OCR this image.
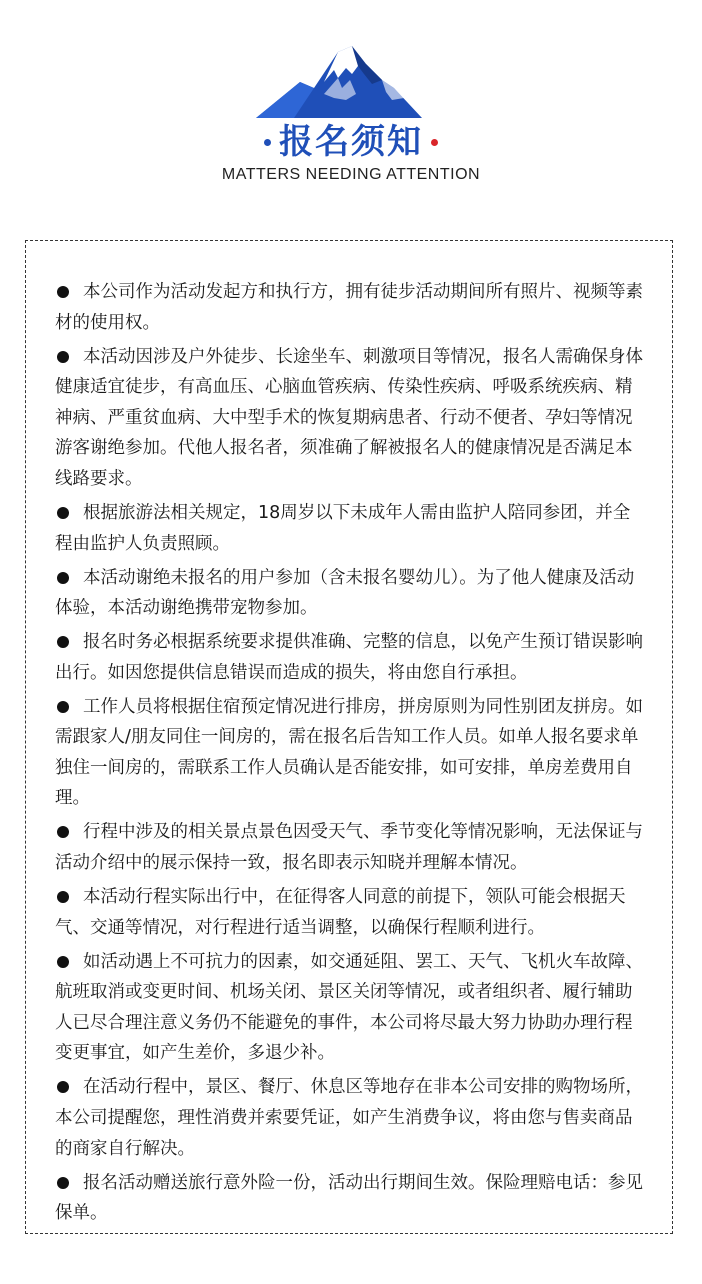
报名须知
MATTERS NEEDING ATTENTION
本公司作为活动发起方和执行方，拥有徒步活动期间所有照片、视频等素材的使用权。
本活动因涉及户外徒步、长途坐车、刺激项目等情况，报名人需确保身体健康适宜徒步，有高血压、心脑血管疾病、传染性疾病、呼吸系统疾病、精神病、严重贫血病、大中型手术的恢复期病患者、行动不便者、孕妇等情况游客谢绝参加。代他人报名者，须准确了解被报名人的健康情况是否满足本线路要求。
根据旅游法相关规定，18周岁以下未成年人需由监护人陪同参团，并全程由监护人负责照顾。
本活动谢绝未报名的用户参加（含未报名婴幼儿）。为了他人健康及活动体验，本活动谢绝携带宠物参加。
报名时务必根据系统要求提供准确、完整的信息，以免产生预订错误影响出行。如因您提供信息错误而造成的损失，将由您自行承担。
工作人员将根据住宿预定情况进行排房，拼房原则为同性别团友拼房。如需跟家人/朋友同住一间房的，需在报名后告知工作人员。如单人报名要求单独住一间房的，需联系工作人员确认是否能安排，如可安排，单房差费用自理。
行程中涉及的相关景点景色因受天气、季节变化等情况影响，无法保证与活动介绍中的展示保持一致，报名即表示知晓并理解本情况。
本活动行程实际出行中，在征得客人同意的前提下，领队可能会根据天气、交通等情况，对行程进行适当调整，以确保行程顺利进行。
如活动遇上不可抗力的因素，如交通延阻、罢工、天气、飞机火车故障、航班取消或变更时间、机场关闭、景区关闭等情况，或者组织者、履行辅助人已尽合理注意义务仍不能避免的事件，本公司将尽最大努力协助办理行程变更事宜，如产生差价，多退少补。
在活动行程中，景区、餐厅、休息区等地存在非本公司安排的购物场所，本公司提醒您，理性消费并索要凭证，如产生消费争议，将由您与售卖商品的商家自行解决。
报名活动赠送旅行意外险一份，活动出行期间生效。保险理赔电话：参见保单。
